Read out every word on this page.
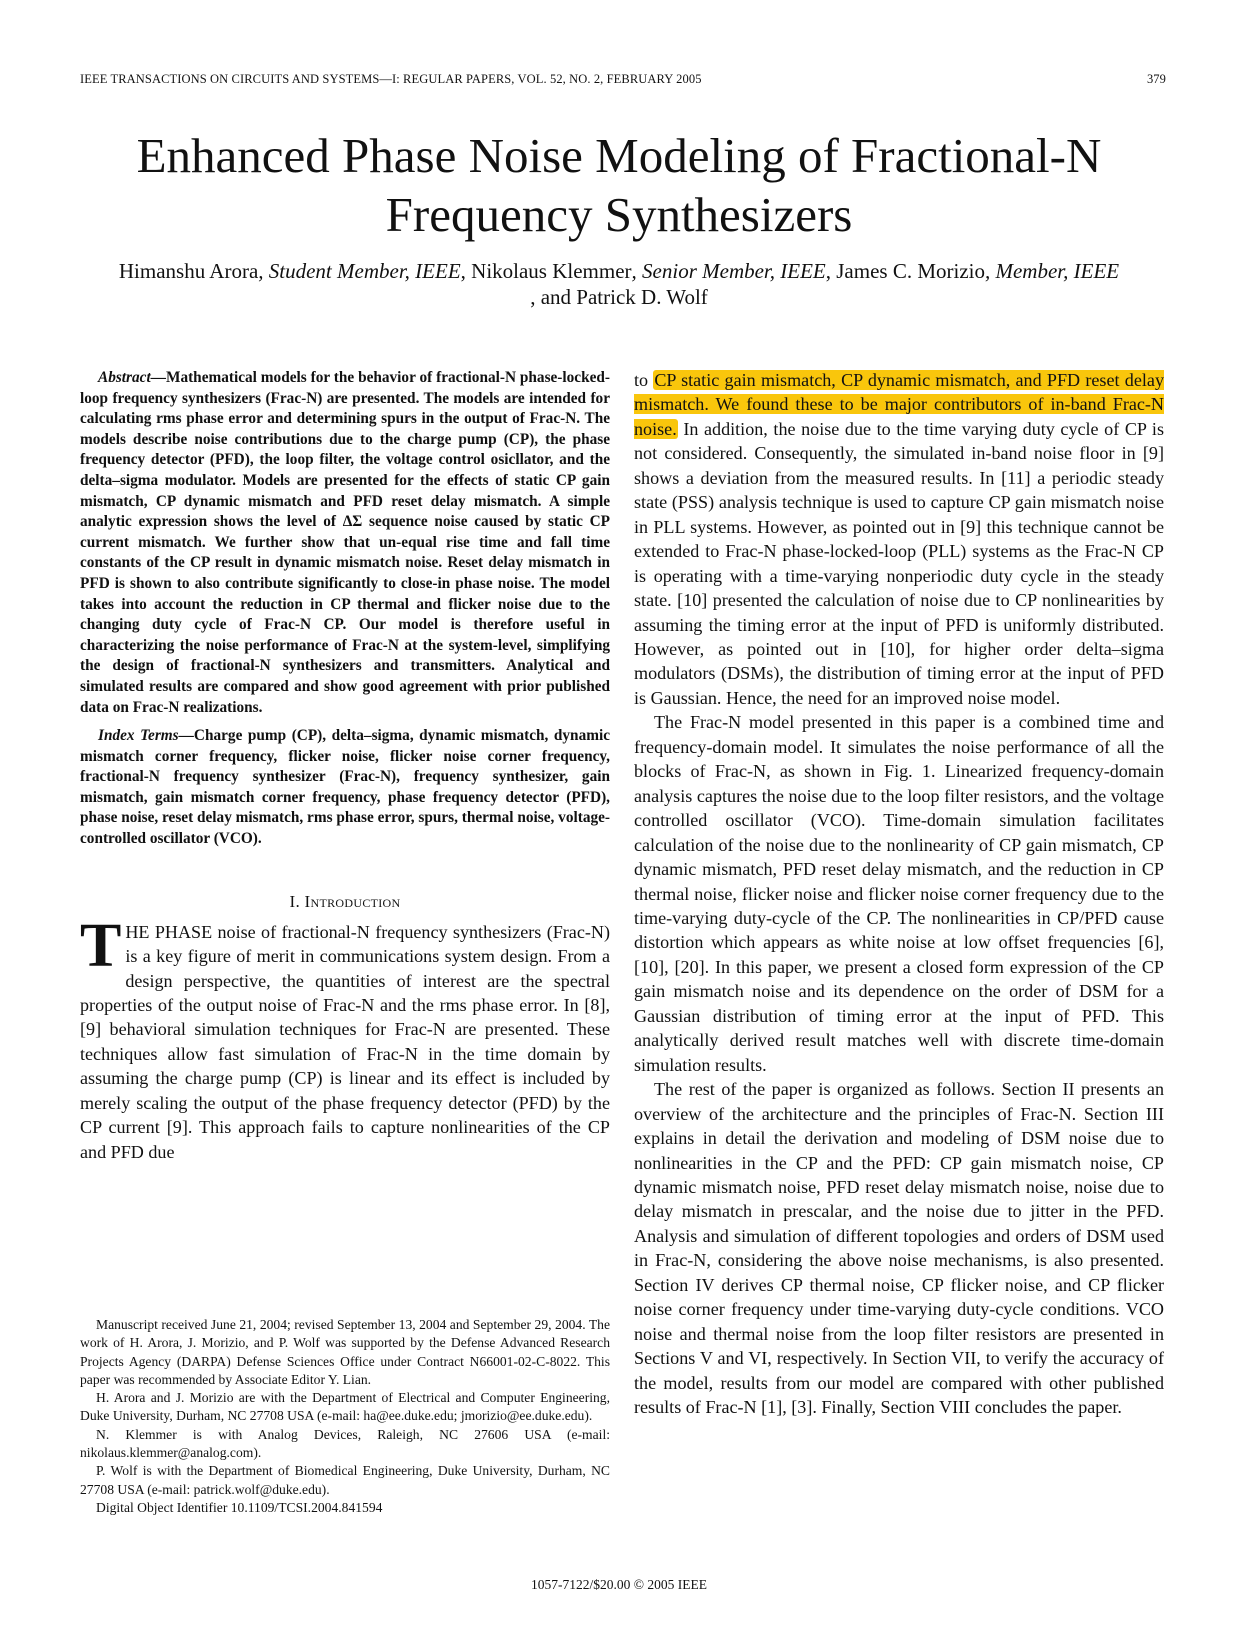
IEEE TRANSACTIONS ON CIRCUITS AND SYSTEMS—I: REGULAR PAPERS, VOL. 52, NO. 2, FEBRUARY 2005	379
Enhanced Phase Noise Modeling of Fractional-N
Frequency Synthesizers
Himanshu Arora, Student Member, IEEE, Nikolaus Klemmer, Senior Member, IEEE, James C. Morizio, Member, IEEE
, and Patrick D. Wolf

Abstract—Mathematical models for the behavior of fractional-N phase-locked-loop frequency synthesizers (Frac-N) are presented. The models are intended for calculating rms phase error and determining spurs in the output of Frac-N. The models describe noise contributions due to the charge pump (CP), the phase frequency detector (PFD), the loop filter, the voltage control osicllator, and the delta–sigma modulator. Models are presented for the effects of static CP gain mismatch, CP dynamic mismatch and PFD reset delay mismatch. A simple analytic expression shows the level of ΔΣ sequence noise caused by static CP current mismatch. We further show that un-equal rise time and fall time constants of the CP result in dynamic mismatch noise. Reset delay mismatch in PFD is shown to also contribute significantly to close-in phase noise. The model takes into account the reduction in CP thermal and flicker noise due to the changing duty cycle of Frac-N CP. Our model is therefore useful in characterizing the noise performance of Frac-N at the system-level, simplifying the design of fractional-N synthesizers and transmitters. Analytical and simulated results are compared and show good agreement with prior published data on Frac-N realizations.

Index Terms—Charge pump (CP), delta–sigma, dynamic mismatch, dynamic mismatch corner frequency, flicker noise, flicker noise corner frequency, fractional-N frequency synthesizer (Frac-N), frequency synthesizer, gain mismatch, gain mismatch corner frequency, phase frequency detector (PFD), phase noise, reset delay mismatch, rms phase error, spurs, thermal noise, voltage-controlled oscillator (VCO).

I. Introduction

THE PHASE noise of fractional-N frequency synthesizers (Frac-N) is a key figure of merit in communications system design. From a design perspective, the quantities of interest are the spectral properties of the output noise of Frac-N and the rms phase error. In [8], [9] behavioral simulation techniques for Frac-N are presented. These techniques allow fast simulation of Frac-N in the time domain by assuming the charge pump (CP) is linear and its effect is included by merely scaling the output of the phase frequency detector (PFD) by the CP current [9]. This approach fails to capture nonlinearities of the CP and PFD due

Manuscript received June 21, 2004; revised September 13, 2004 and September 29, 2004. The work of H. Arora, J. Morizio, and P. Wolf was supported by the Defense Advanced Research Projects Agency (DARPA) Defense Sciences Office under Contract N66001-02-C-8022. This paper was recommended by Associate Editor Y. Lian.

H. Arora and J. Morizio are with the Department of Electrical and Computer Engineering, Duke University, Durham, NC 27708 USA (e-mail: ha@ee.duke.edu; jmorizio@ee.duke.edu).

N. Klemmer is with Analog Devices, Raleigh, NC 27606 USA (e-mail: nikolaus.klemmer@analog.com).

P. Wolf is with the Department of Biomedical Engineering, Duke University, Durham, NC 27708 USA (e-mail: patrick.wolf@duke.edu).

Digital Object Identifier 10.1109/TCSI.2004.841594

to CP static gain mismatch, CP dynamic mismatch, and PFD reset delay mismatch. We found these to be major contributors of in-band Frac-N noise. In addition, the noise due to the time varying duty cycle of CP is not considered. Consequently, the simulated in-band noise floor in [9] shows a deviation from the measured results. In [11] a periodic steady state (PSS) analysis technique is used to capture CP gain mismatch noise in PLL systems. However, as pointed out in [9] this technique cannot be extended to Frac-N phase-locked-loop (PLL) systems as the Frac-N CP is operating with a time-varying nonperiodic duty cycle in the steady state. [10] presented the calculation of noise due to CP nonlinearities by assuming the timing error at the input of PFD is uniformly distributed. However, as pointed out in [10], for higher order delta–sigma modulators (DSMs), the distribution of timing error at the input of PFD is Gaussian. Hence, the need for an improved noise model.

The Frac-N model presented in this paper is a combined time and frequency-domain model. It simulates the noise performance of all the blocks of Frac-N, as shown in Fig. 1. Linearized frequency-domain analysis captures the noise due to the loop filter resistors, and the voltage controlled oscillator (VCO). Time-domain simulation facilitates calculation of the noise due to the nonlinearity of CP gain mismatch, CP dynamic mismatch, PFD reset delay mismatch, and the reduction in CP thermal noise, flicker noise and flicker noise corner frequency due to the time-varying duty-cycle of the CP. The nonlinearities in CP/PFD cause distortion which appears as white noise at low offset frequencies [6], [10], [20]. In this paper, we present a closed form expression of the CP gain mismatch noise and its dependence on the order of DSM for a Gaussian distribution of timing error at the input of PFD. This analytically derived result matches well with discrete time-domain simulation results.

The rest of the paper is organized as follows. Section II presents an overview of the architecture and the principles of Frac-N. Section III explains in detail the derivation and modeling of DSM noise due to nonlinearities in the CP and the PFD: CP gain mismatch noise, CP dynamic mismatch noise, PFD reset delay mismatch noise, noise due to delay mismatch in prescalar, and the noise due to jitter in the PFD. Analysis and simulation of different topologies and orders of DSM used in Frac-N, considering the above noise mechanisms, is also presented. Section IV derives CP thermal noise, CP flicker noise, and CP flicker noise corner frequency under time-varying duty-cycle conditions. VCO noise and thermal noise from the loop filter resistors are presented in Sections V and VI, respectively. In Section VII, to verify the accuracy of the model, results from our model are compared with other published results of Frac-N [1], [3]. Finally, Section VIII concludes the paper.

1057-7122/$20.00 © 2005 IEEE
